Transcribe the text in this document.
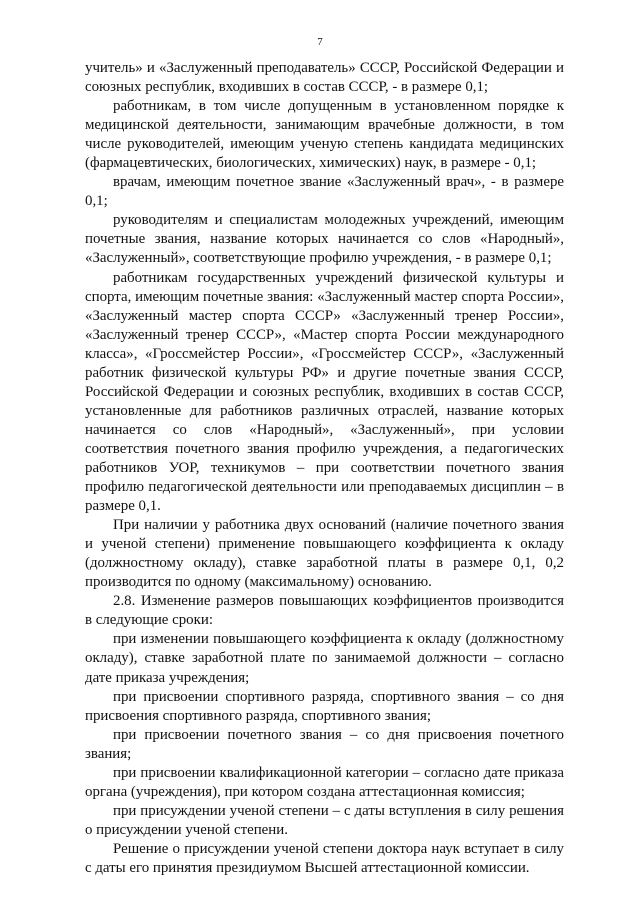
7

учитель» и «Заслуженный преподаватель» СССР, Российской Федерации и союзных республик, входивших в состав СССР, - в размере 0,1;

работникам, в том числе допущенным в установленном порядке к медицинской деятельности, занимающим врачебные должности, в том числе руководителей, имеющим ученую степень кандидата медицинских (фармацевтических, биологических, химических) наук, в размере - 0,1;

врачам, имеющим почетное звание «Заслуженный врач», - в размере 0,1;

руководителям и специалистам молодежных учреждений, имеющим почетные звания, название которых начинается со слов «Народный», «Заслуженный», соответствующие профилю учреждения, - в размере 0,1;

работникам государственных учреждений физической культуры и спорта, имеющим почетные звания: «Заслуженный мастер спорта России», «Заслуженный мастер спорта СССР» «Заслуженный тренер России», «Заслуженный тренер СССР», «Мастер спорта России международного класса», «Гроссмейстер России», «Гроссмейстер СССР», «Заслуженный работник физической культуры РФ» и другие почетные звания СССР, Российской Федерации и союзных республик, входивших в состав СССР, установленные для работников различных отраслей, название которых начинается со слов «Народный», «Заслуженный», при условии соответствия почетного звания профилю учреждения, а педагогических работников УОР, техникумов – при соответствии почетного звания профилю педагогической деятельности или преподаваемых дисциплин – в размере 0,1.

При наличии у работника двух оснований (наличие почетного звания и ученой степени) применение повышающего коэффициента к окладу (должностному окладу), ставке заработной платы в размере 0,1, 0,2 производится по одному (максимальному) основанию.

2.8. Изменение размеров повышающих коэффициентов производится в следующие сроки:

при изменении повышающего коэффициента к окладу (должностному окладу), ставке заработной плате по занимаемой должности – согласно дате приказа учреждения;

при присвоении спортивного разряда, спортивного звания – со дня присвоения спортивного разряда, спортивного звания;

при присвоении почетного звания – со дня присвоения почетного звания;

при присвоении квалификационной категории – согласно дате приказа органа (учреждения), при котором создана аттестационная комиссия;

при присуждении ученой степени – с даты вступления в силу решения о присуждении ученой степени.

Решение о присуждении ученой степени доктора наук вступает в силу с даты его принятия президиумом Высшей аттестационной комиссии.
